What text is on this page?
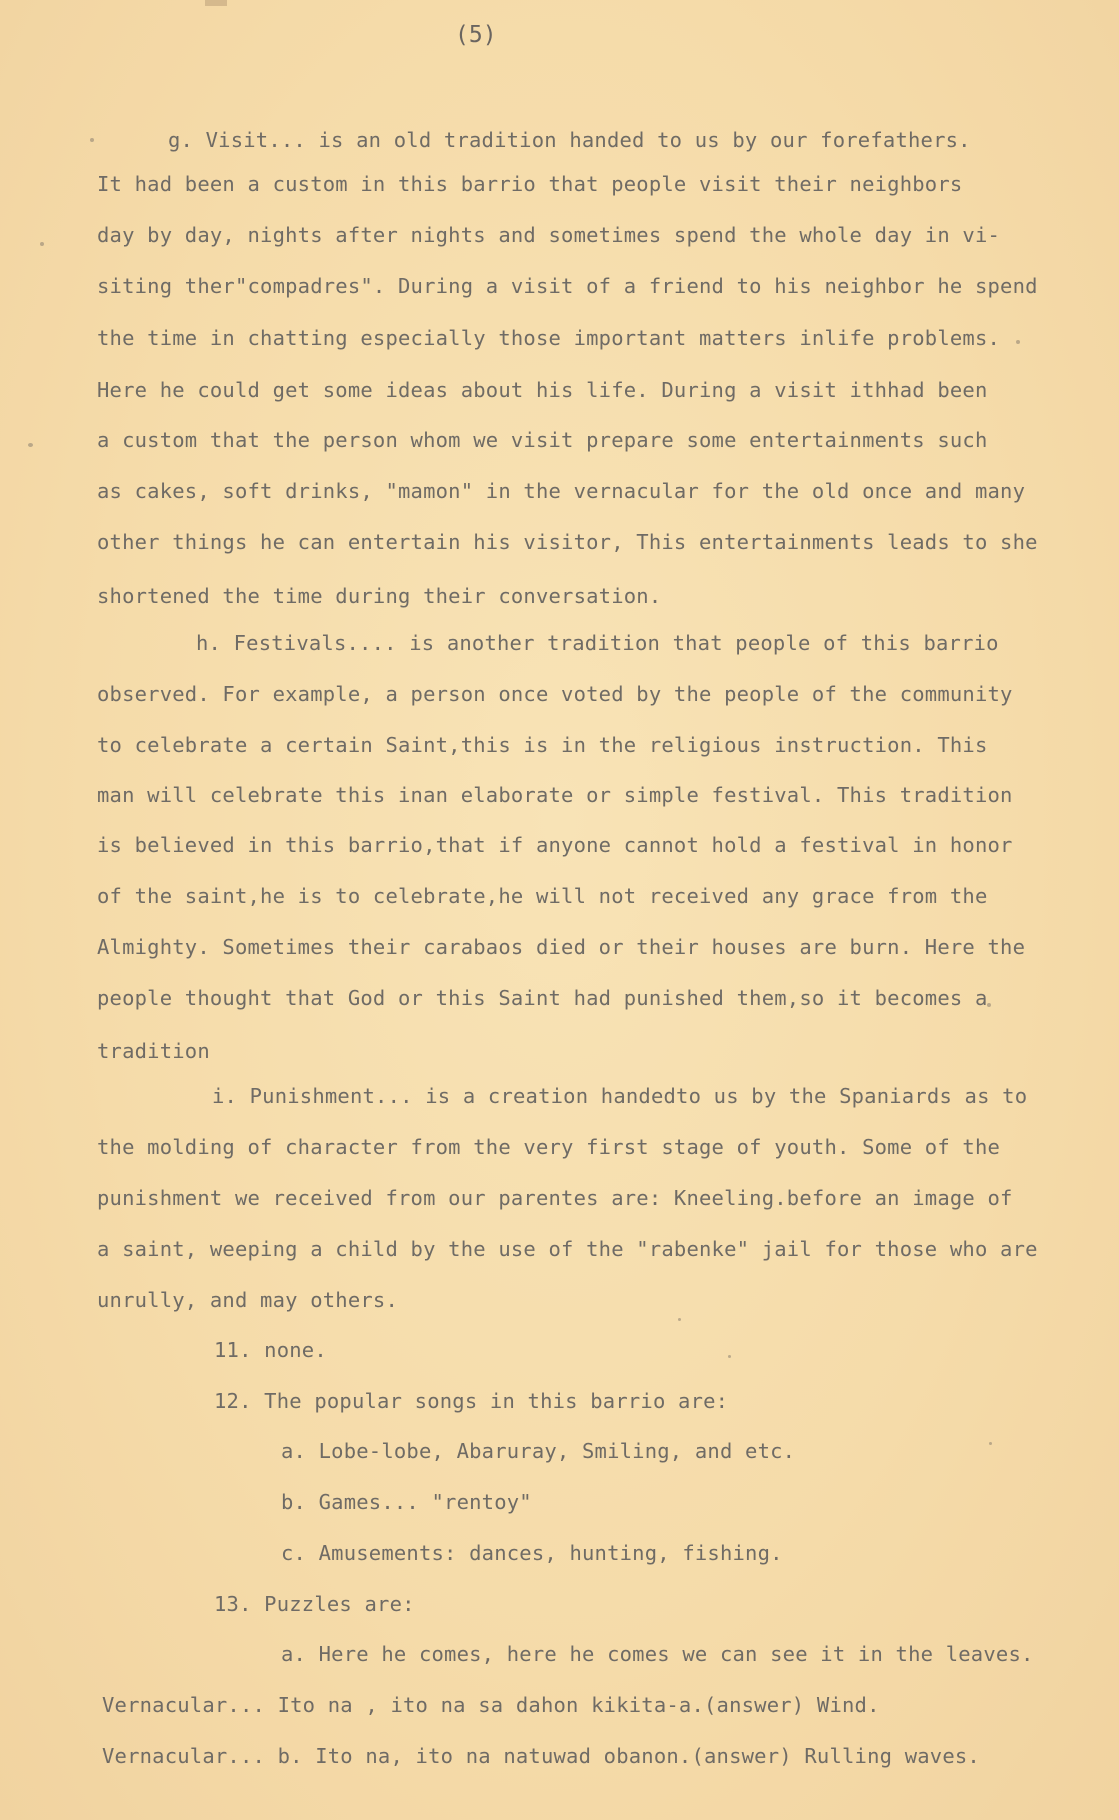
(5)
g. Visit... is an old tradition handed to us by our forefathers.
It had been a custom in this barrio that people visit their neighbors
day by day, nights after nights and sometimes spend the whole day in vi-
siting ther"compadres". During a visit of a friend to his neighbor he spend
the time in chatting especially those important matters inlife problems.
Here he could get some ideas about his life. During a visit ithhad been
a custom that the person whom we visit prepare some entertainments such
as cakes, soft drinks, "mamon" in the vernacular for the old once and many
other things he can entertain his visitor, This entertainments leads to she
shortened the time during their conversation.
h. Festivals.... is another tradition that people of this barrio
observed. For example, a person once voted by the people of the community
to celebrate a certain Saint,this is in the religious instruction. This
man will celebrate this inan elaborate or simple festival. This tradition
is believed in this barrio,that if anyone cannot hold a festival in honor
of the saint,he is to celebrate,he will not received any grace from the
Almighty. Sometimes their carabaos died or their houses are burn. Here the
people thought that God or this Saint had punished them,so it becomes a
tradition
i. Punishment... is a creation handedto us by the Spaniards as to
the molding of character from the very first stage of youth. Some of the
punishment we received from our parentes are: Kneeling.before an image of
a saint, weeping a child by the use of the "rabenke" jail for those who are
unrully, and may others.
11. none.
12. The popular songs in this barrio are:
a. Lobe-lobe, Abaruray, Smiling, and etc.
b. Games... "rentoy"
c. Amusements: dances, hunting, fishing.
13. Puzzles are:
a. Here he comes, here he comes we can see it in the leaves.
Vernacular... Ito na , ito na sa dahon kikita-a.(answer) Wind.
Vernacular... b. Ito na, ito na natuwad obanon.(answer) Rulling waves.
